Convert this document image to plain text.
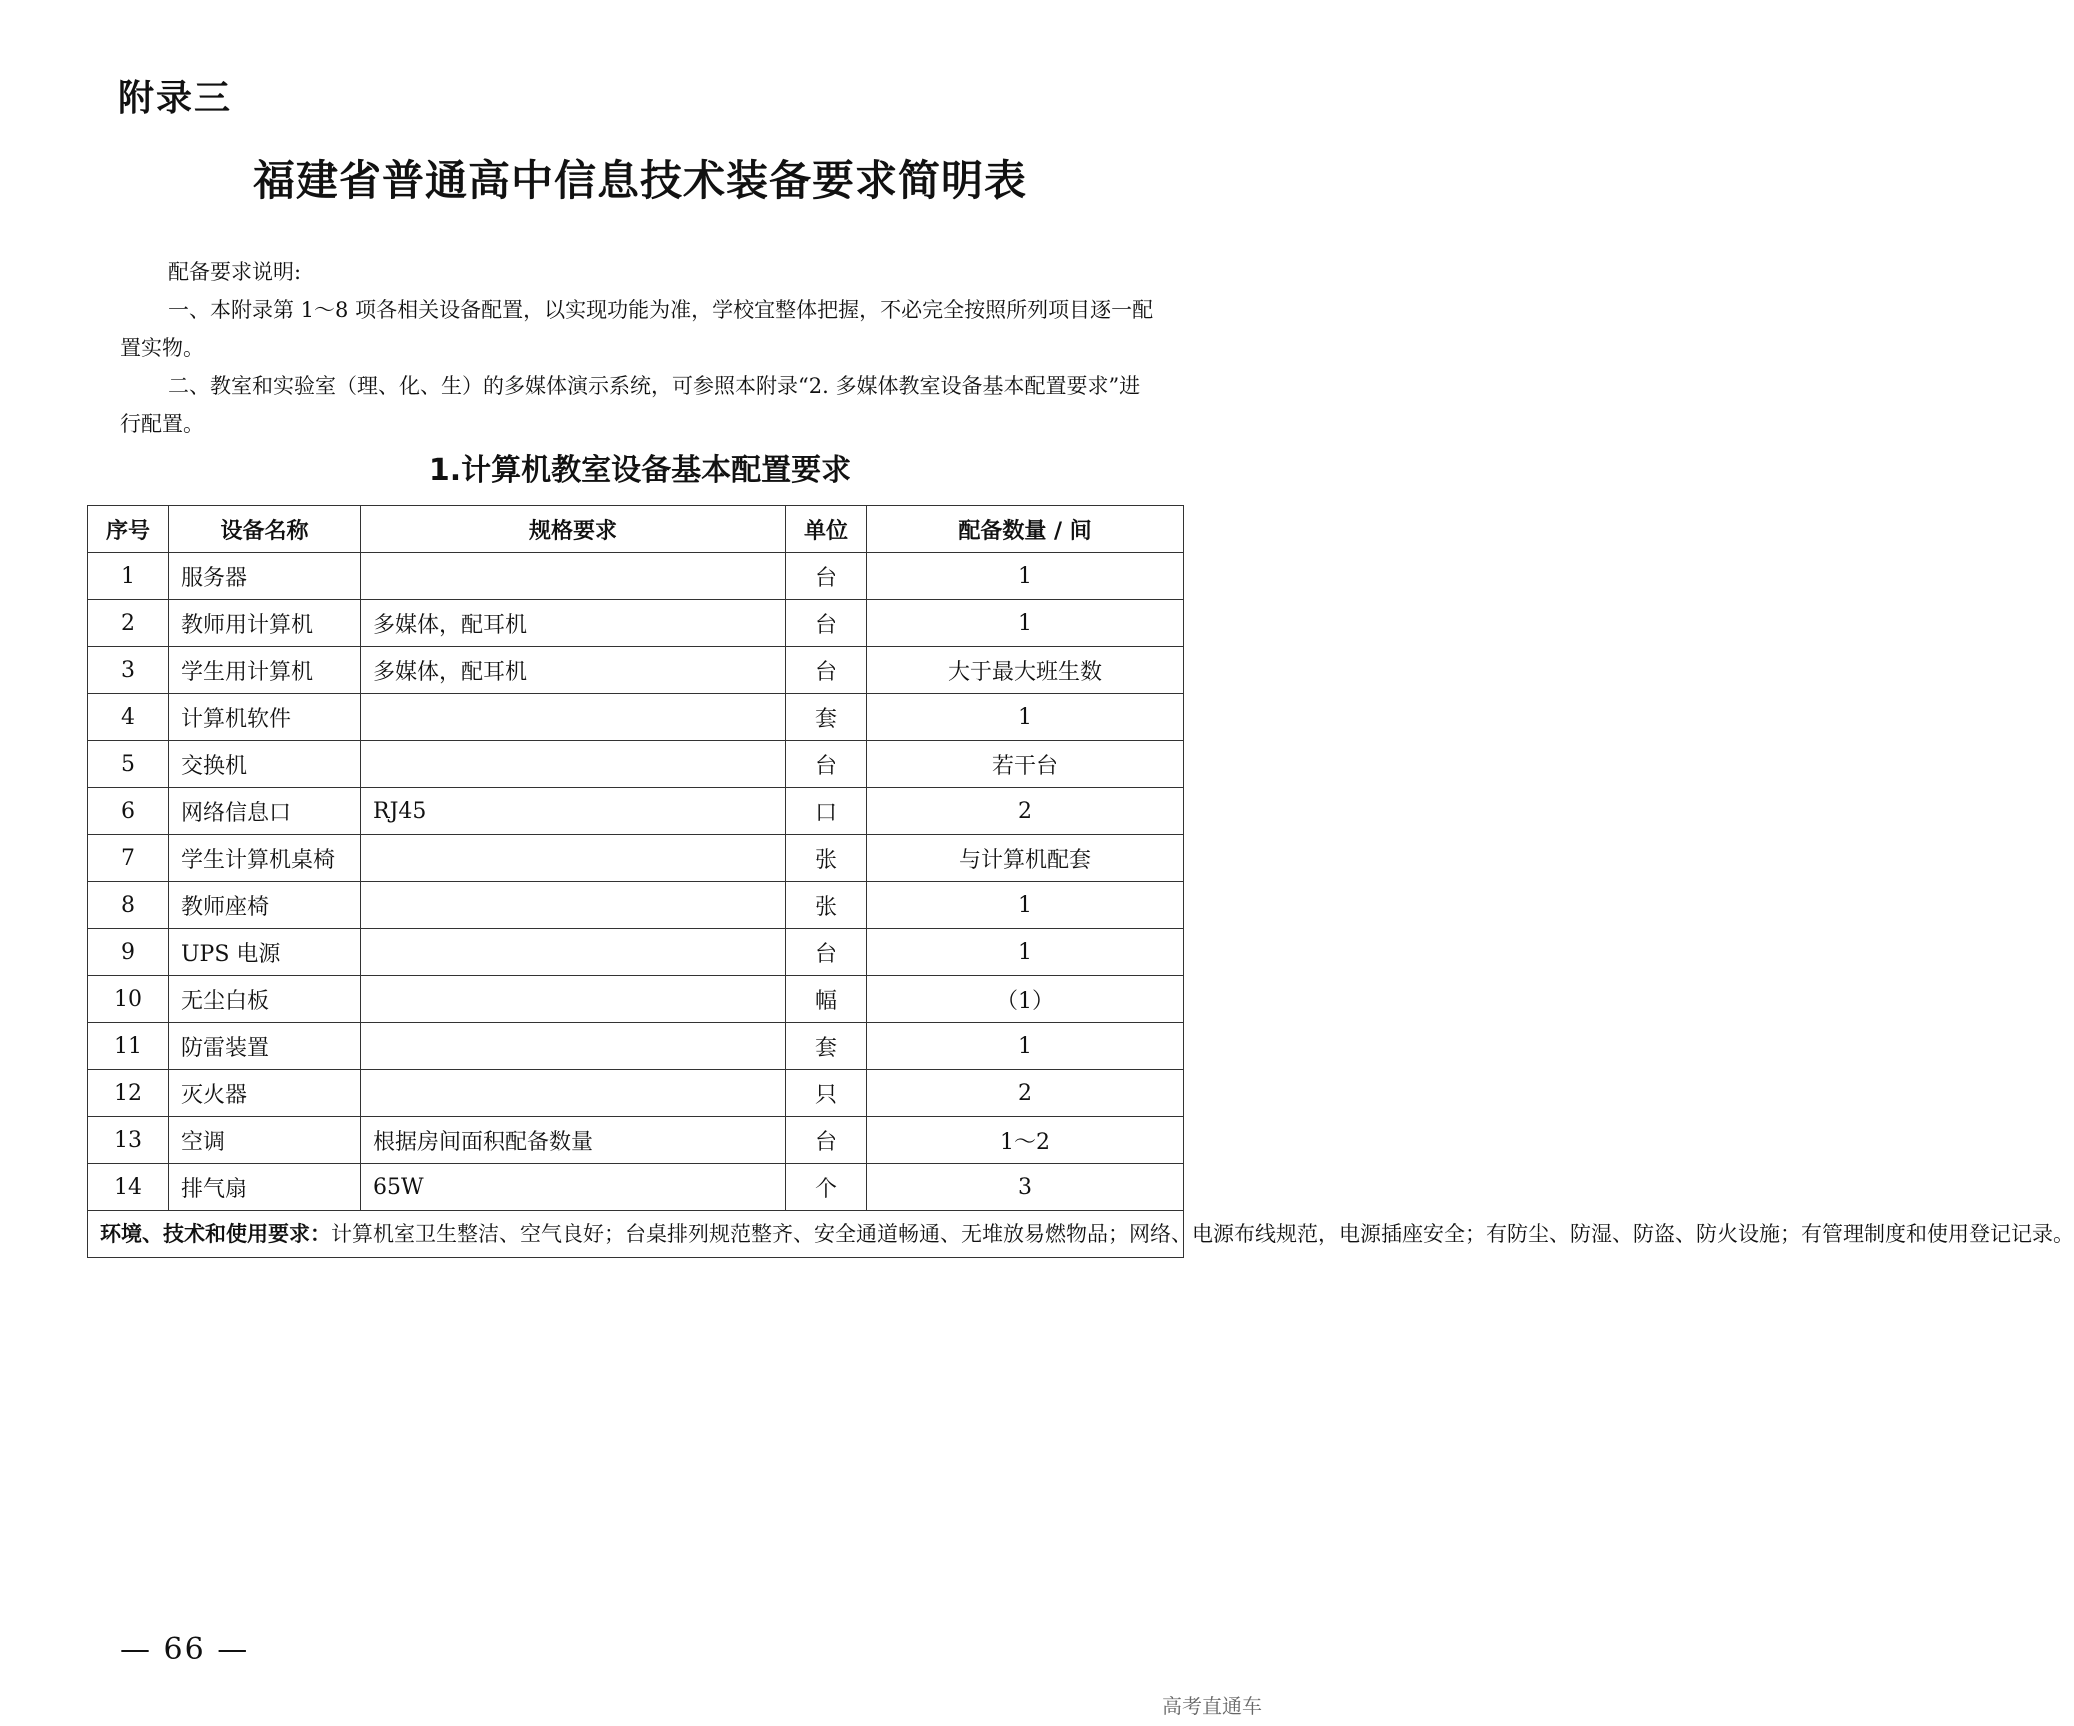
附录三
福建省普通高中信息技术装备要求简明表

配备要求说明:

一、本附录第 1～8 项各相关设备配置，以实现功能为准，学校宜整体把握，不必完全按照所列项目逐一配置实物。

二、教室和实验室（理、化、生）的多媒体演示系统，可参照本附录“2. 多媒体教室设备基本配置要求”进行配置。

1.计算机教室设备基本配置要求
序号	设备名称	规格要求	单位	配备数量 / 间
1	服务器		台	1
2	教师用计算机	多媒体，配耳机	台	1
3	学生用计算机	多媒体，配耳机	台	大于最大班生数
4	计算机软件		套	1
5	交换机		台	若干台
6	网络信息口	RJ45	口	2
7	学生计算机桌椅		张	与计算机配套
8	教师座椅		张	1
9	UPS 电源		台	1
10	无尘白板		幅	（1）
11	防雷装置		套	1
12	灭火器		只	2
13	空调	根据房间面积配备数量	台	1～2
14	排气扇	65W	个	3
环境、技术和使用要求：计算机室卫生整洁、空气良好；台桌排列规范整齐、安全通道畅通、无堆放易燃物品；网络、电源布线规范，电源插座安全；有防尘、防湿、防盗、防火设施；有管理制度和使用登记记录。				
— 66 —
高考直通车
